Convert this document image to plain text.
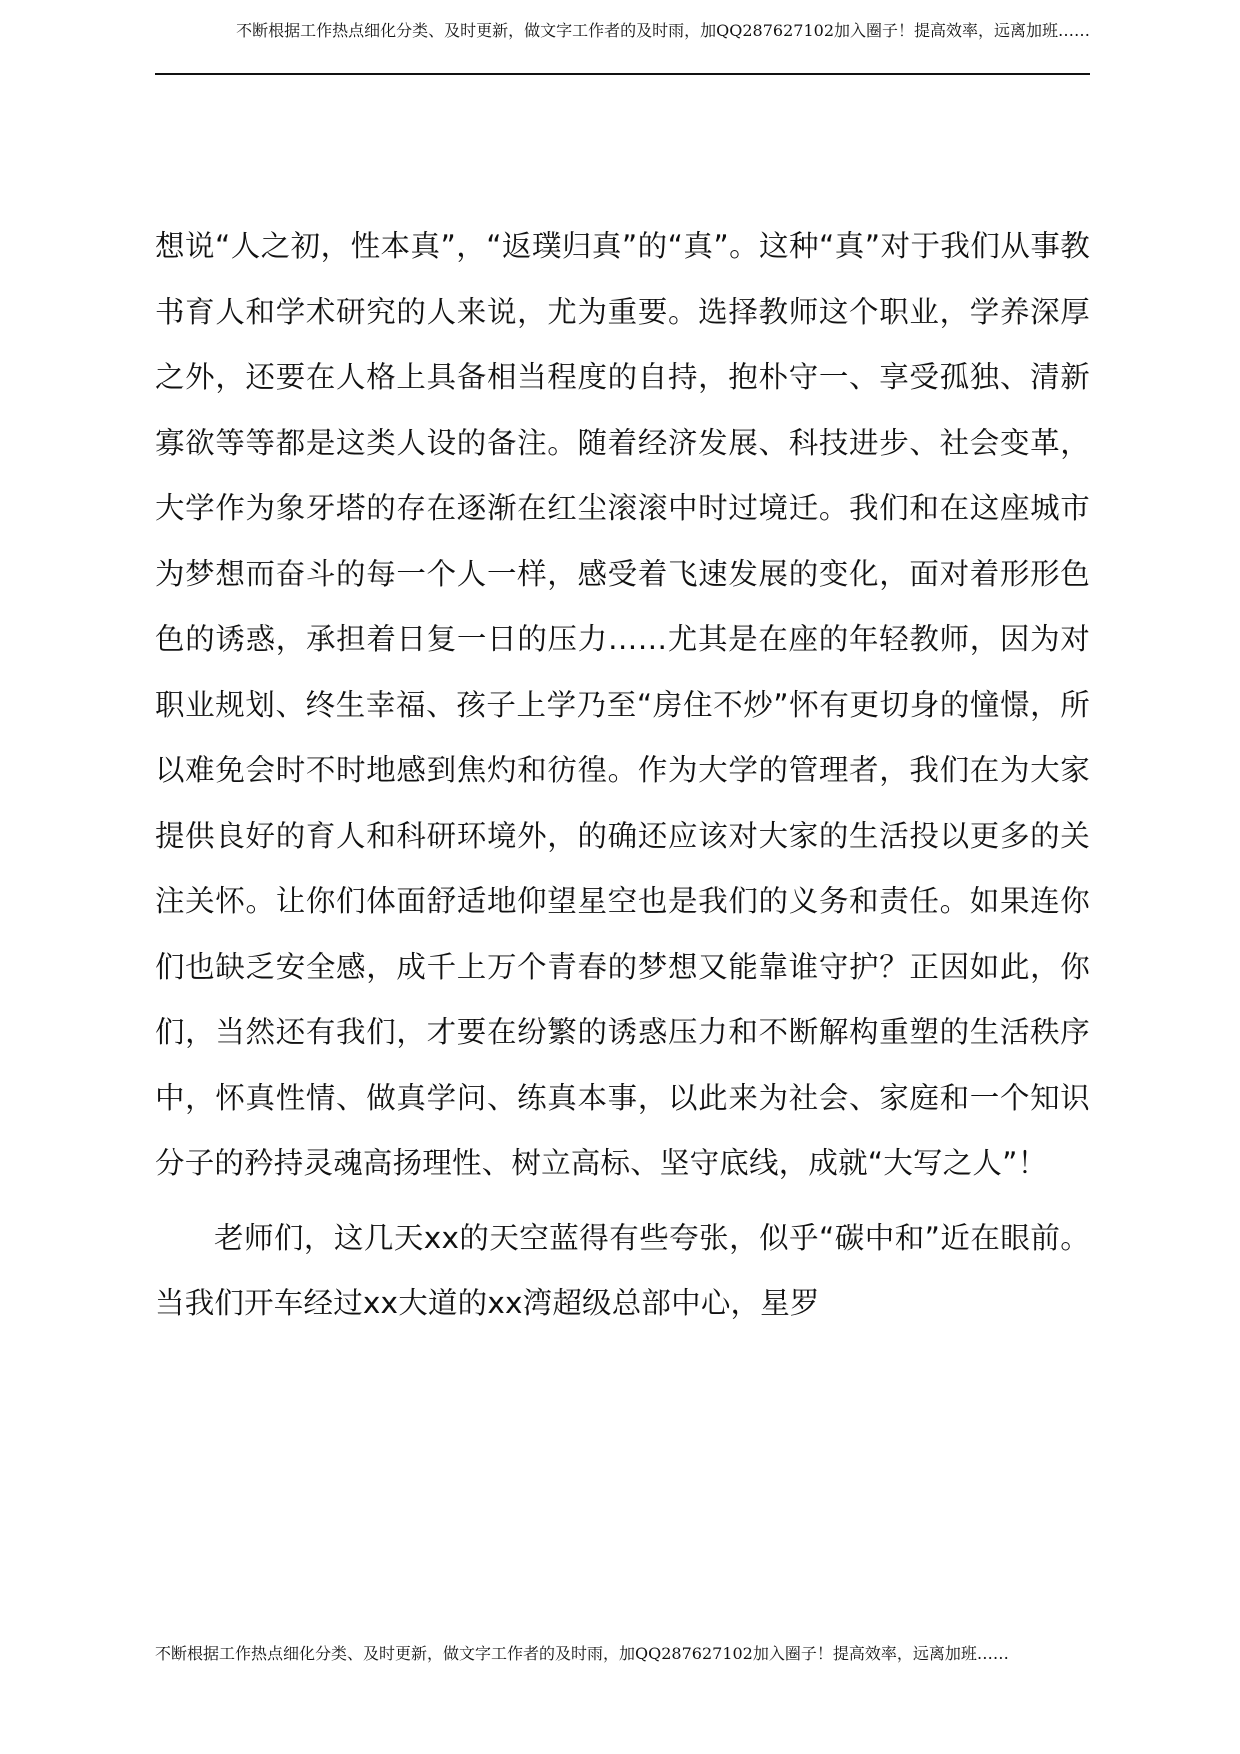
不断根据工作热点细化分类、及时更新，做文字工作者的及时雨，加QQ287627102加入圈子！提高效率，远离加班……

想说“人之初，性本真”，“返璞归真”的“真”。这种“真”对于我们从事教书育人和学术研究的人来说，尤为重要。选择教师这个职业，学养深厚之外，还要在人格上具备相当程度的自持，抱朴守一、享受孤独、清新寡欲等等都是这类人设的备注。随着经济发展、科技进步、社会变革，大学作为象牙塔的存在逐渐在红尘滚滚中时过境迁。我们和在这座城市为梦想而奋斗的每一个人一样，感受着飞速发展的变化，面对着形形色色的诱惑，承担着日复一日的压力……尤其是在座的年轻教师，因为对职业规划、终生幸福、孩子上学乃至“房住不炒”怀有更切身的憧憬，所以难免会时不时地感到焦灼和彷徨。作为大学的管理者，我们在为大家提供良好的育人和科研环境外，的确还应该对大家的生活投以更多的关注关怀。让你们体面舒适地仰望星空也是我们的义务和责任。如果连你们也缺乏安全感，成千上万个青春的梦想又能靠谁守护？正因如此，你们，当然还有我们，才要在纷繁的诱惑压力和不断解构重塑的生活秩序中，怀真性情、做真学问、练真本事，以此来为社会、家庭和一个知识分子的矜持灵魂高扬理性、树立高标、坚守底线，成就“大写之人”！

老师们，这几天xx的天空蓝得有些夸张，似乎“碳中和”近在眼前。当我们开车经过xx大道的xx湾超级总部中心，星罗

不断根据工作热点细化分类、及时更新，做文字工作者的及时雨，加QQ287627102加入圈子！提高效率，远离加班……
